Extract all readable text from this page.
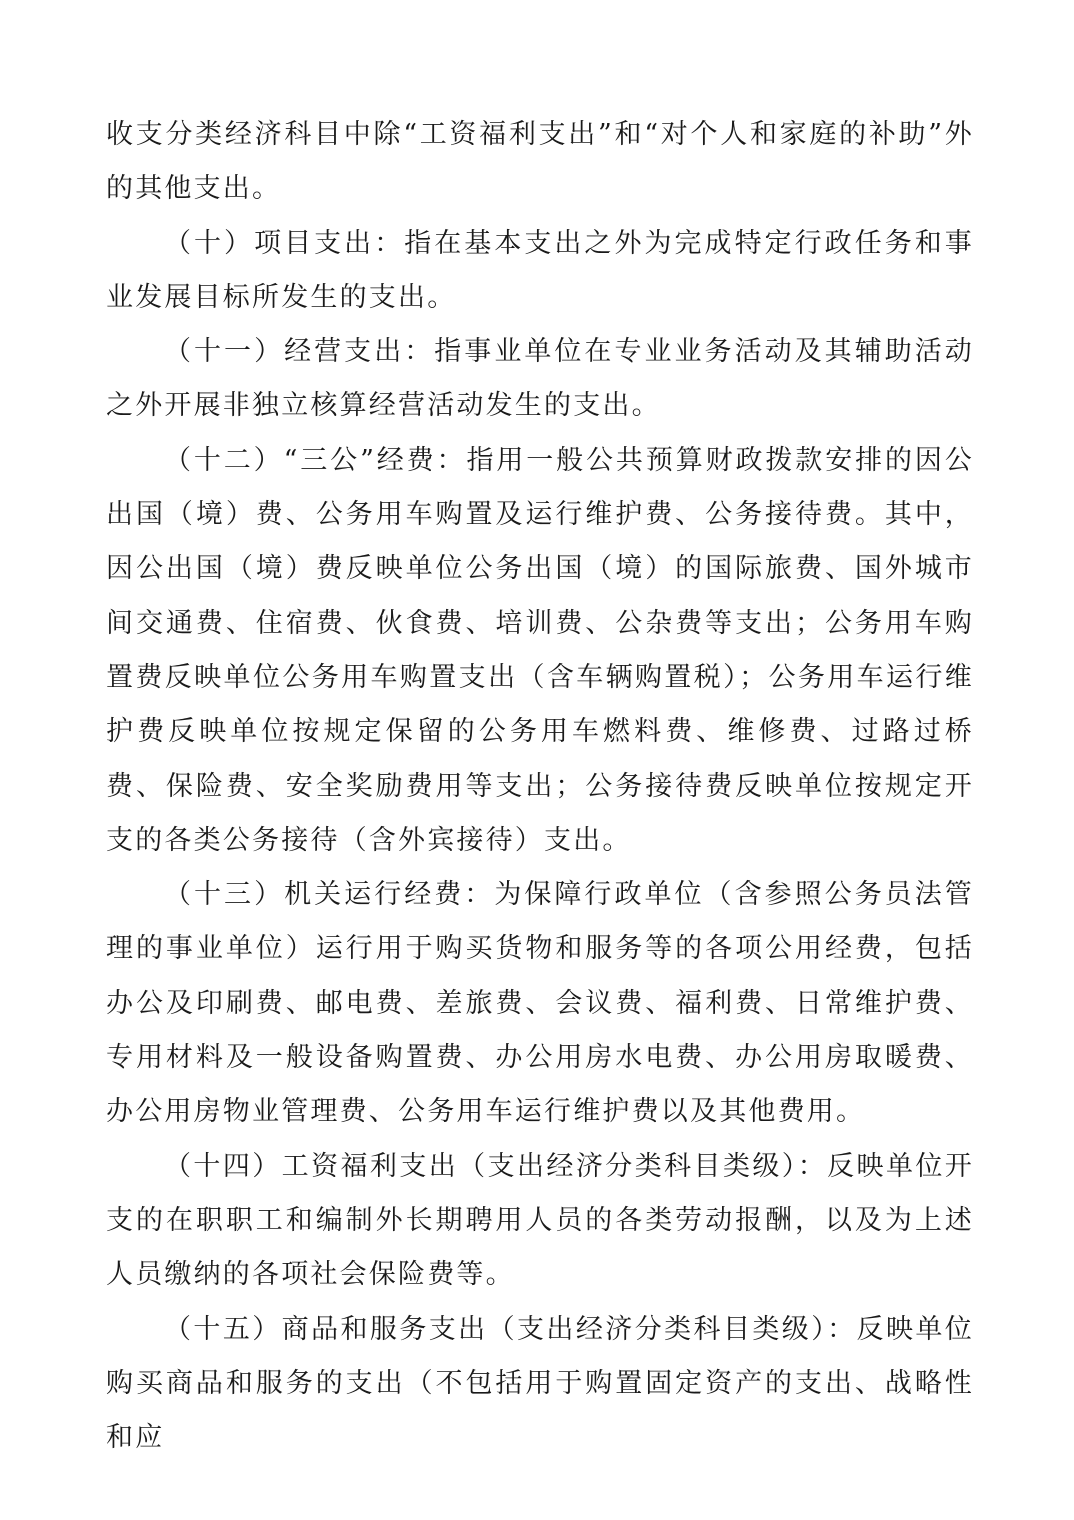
收支分类经济科目中除“工资福利支出”和“对个人和家庭的补助”外的其他支出。

（十）项目支出：指在基本支出之外为完成特定行政任务和事业发展目标所发生的支出。

（十一）经营支出：指事业单位在专业业务活动及其辅助活动之外开展非独立核算经营活动发生的支出。

（十二）“三公”经费：指用一般公共预算财政拨款安排的因公出国（境）费、公务用车购置及运行维护费、公务接待费。其中，因公出国（境）费反映单位公务出国（境）的国际旅费、国外城市间交通费、住宿费、伙食费、培训费、公杂费等支出；公务用车购置费反映单位公务用车购置支出（含车辆购置税）；公务用车运行维护费反映单位按规定保留的公务用车燃料费、维修费、过路过桥费、保险费、安全奖励费用等支出；公务接待费反映单位按规定开支的各类公务接待（含外宾接待）支出。

（十三）机关运行经费：为保障行政单位（含参照公务员法管理的事业单位）运行用于购买货物和服务等的各项公用经费，包括办公及印刷费、邮电费、差旅费、会议费、福利费、日常维护费、专用材料及一般设备购置费、办公用房水电费、办公用房取暖费、办公用房物业管理费、公务用车运行维护费以及其他费用。

（十四）工资福利支出（支出经济分类科目类级）：反映单位开支的在职职工和编制外长期聘用人员的各类劳动报酬，以及为上述人员缴纳的各项社会保险费等。

（十五）商品和服务支出（支出经济分类科目类级）：反映单位购买商品和服务的支出（不包括用于购置固定资产的支出、战略性和应
